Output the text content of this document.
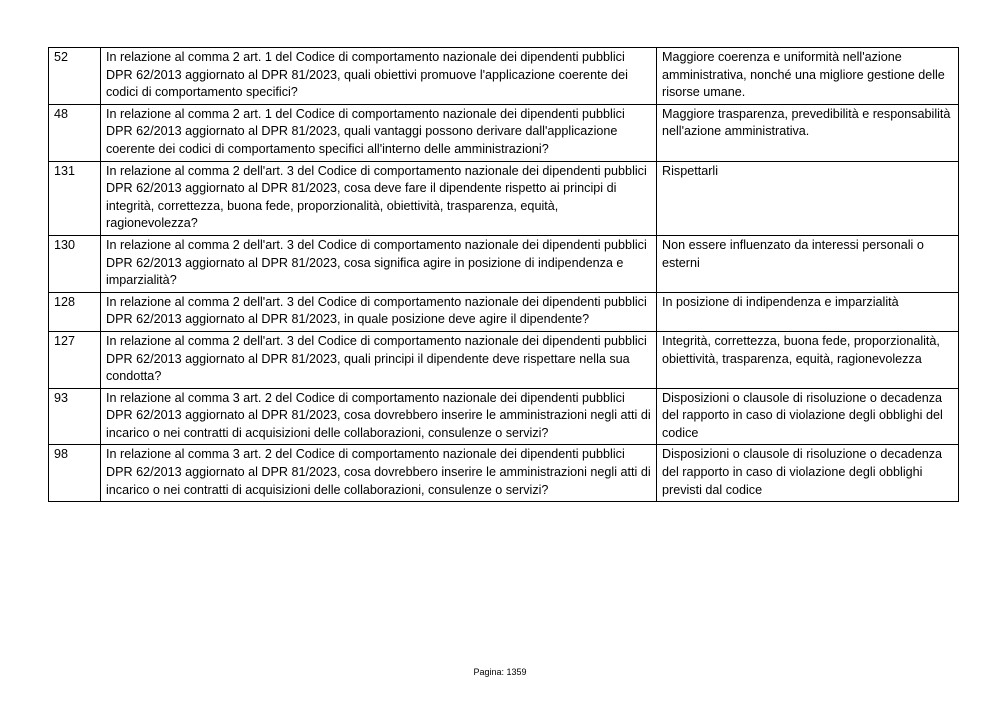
52	In relazione al comma 2 art. 1 del Codice di comportamento nazionale dei dipendenti pubblici DPR 62/2013 aggiornato al DPR 81/2023, quali obiettivi promuove l'applicazione coerente dei codici di comportamento specifici?	Maggiore coerenza e uniformità nell'azione amministrativa, nonché una migliore gestione delle risorse umane.
48	In relazione al comma 2 art. 1 del Codice di comportamento nazionale dei dipendenti pubblici DPR 62/2013 aggiornato al DPR 81/2023, quali vantaggi possono derivare dall'applicazione coerente dei codici di comportamento specifici all'interno delle amministrazioni?	Maggiore trasparenza, prevedibilità e responsabilità nell'azione amministrativa.
131	In relazione al comma 2 dell'art. 3 del Codice di comportamento nazionale dei dipendenti pubblici DPR 62/2013 aggiornato al DPR 81/2023, cosa deve fare il dipendente rispetto ai principi di integrità, correttezza, buona fede, proporzionalità, obiettività, trasparenza, equità, ragionevolezza?	Rispettarli
130	In relazione al comma 2 dell'art. 3 del Codice di comportamento nazionale dei dipendenti pubblici DPR 62/2013 aggiornato al DPR 81/2023, cosa significa agire in posizione di indipendenza e imparzialità?	Non essere influenzato da interessi personali o esterni
128	In relazione al comma 2 dell'art. 3 del Codice di comportamento nazionale dei dipendenti pubblici DPR 62/2013 aggiornato al DPR 81/2023, in quale posizione deve agire il dipendente?	In posizione di indipendenza e imparzialità
127	In relazione al comma 2 dell'art. 3 del Codice di comportamento nazionale dei dipendenti pubblici DPR 62/2013 aggiornato al DPR 81/2023, quali principi il dipendente deve rispettare nella sua condotta?	Integrità, correttezza, buona fede, proporzionalità, obiettività, trasparenza, equità, ragionevolezza
93	In relazione al comma 3 art. 2 del Codice di comportamento nazionale dei dipendenti pubblici DPR 62/2013 aggiornato al DPR 81/2023, cosa dovrebbero inserire le amministrazioni negli atti di incarico o nei contratti di acquisizioni delle collaborazioni, consulenze o servizi?	Disposizioni o clausole di risoluzione o decadenza del rapporto in caso di violazione degli obblighi del codice
98	In relazione al comma 3 art. 2 del Codice di comportamento nazionale dei dipendenti pubblici DPR 62/2013 aggiornato al DPR 81/2023, cosa dovrebbero inserire le amministrazioni negli atti di incarico o nei contratti di acquisizioni delle collaborazioni, consulenze o servizi?	Disposizioni o clausole di risoluzione o decadenza del rapporto in caso di violazione degli obblighi previsti dal codice
Pagina: 1359
